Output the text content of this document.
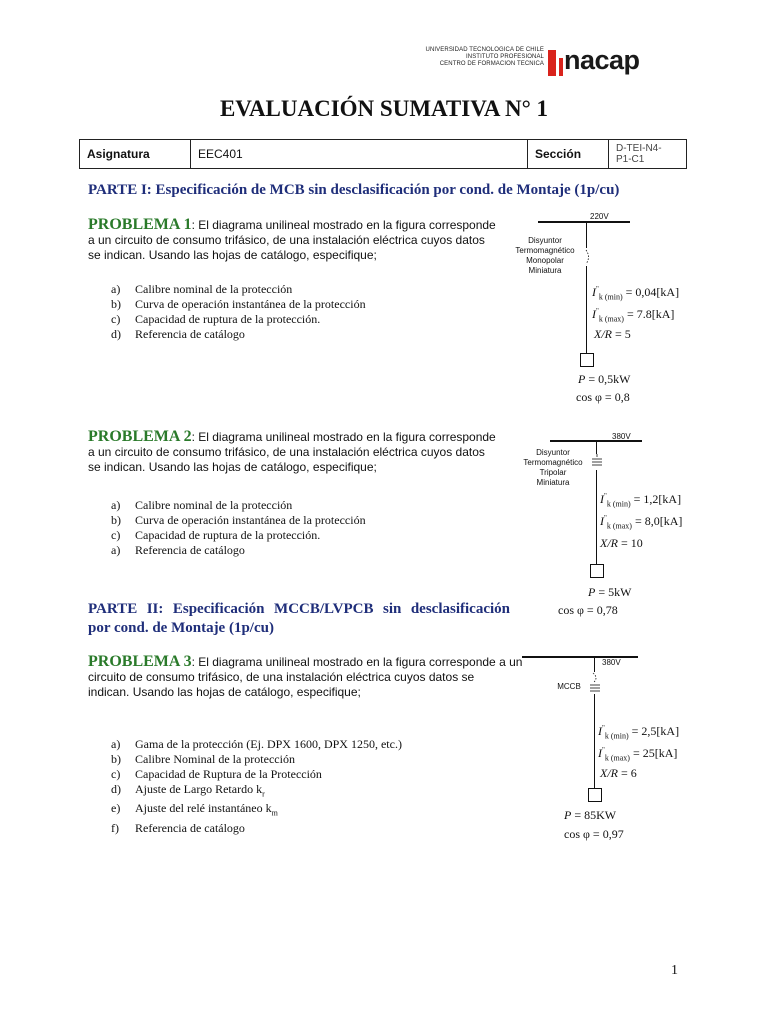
UNIVERSIDAD TECNOLOGICA DE CHILE
INSTITUTO PROFESIONAL
CENTRO DE FORMACION TECNICA nacap
EVALUACIÓN SUMATIVA N° 1
Asignatura	EEC401	Sección	D-TEI-N4-
P1-C1
PARTE I: Especificación de MCB sin desclasificación por cond. de Montaje (1p/cu)
PROBLEMA 1: El diagrama unilineal mostrado en la figura corresponde
a un circuito de consumo trifásico, de una instalación eléctrica cuyos datos
se indican. Usando las hojas de catálogo, especifique;
a)	Calibre nominal de la protección
b)	Curva de operación instantánea de la protección
c)	Capacidad de ruptura de la protección.
d)	Referencia de catálogo
220V
Disyuntor
Termomagnético
Monopolar
Miniatura
$I^"_{k (min)} = 0,04[kA]$
$I^"_{k (max)} = 7.8[kA]$
X/R = 5
P = 0,5kW
cos φ = 0,8
PROBLEMA 2: El diagrama unilineal mostrado en la figura corresponde
a un circuito de consumo trifásico, de una instalación eléctrica cuyos datos
se indican. Usando las hojas de catálogo, especifique;
a)	Calibre nominal de la protección
b)	Curva de operación instantánea de la protección
c)	Capacidad de ruptura de la protección.
a)	Referencia de catálogo
380V
Disyuntor
Termomagnético
Tripolar
Miniatura
$I^"_{k (min)} = 1,2[kA]$
$I^"_{k (max)} = 8,0[kA]$
X/R = 10
P = 5kW
cos φ = 0,78
PARTE II: Especificación MCCB/LVPCB sin desclasificación
por cond. de Montaje (1p/cu)
PROBLEMA 3: El diagrama unilineal mostrado en la figura corresponde a un
circuito de consumo trifásico, de una instalación eléctrica cuyos datos se
indican. Usando las hojas de catálogo, especifique;
a)	Gama de la protección (Ej. DPX 1600, DPX 1250, etc.)
b)	Calibre Nominal de la protección
c)	Capacidad de Ruptura de la Protección
d)	Ajuste de Largo Retardo $k_r$
e)	Ajuste del relé instantáneo $k_m$
f)	Referencia de catálogo
380V
MCCB
$I^"_{k (min)} = 2,5[kA]$
$I^"_{k (max)} = 25[kA]$
X/R = 6
P = 85KW
cos φ = 0,97
1
